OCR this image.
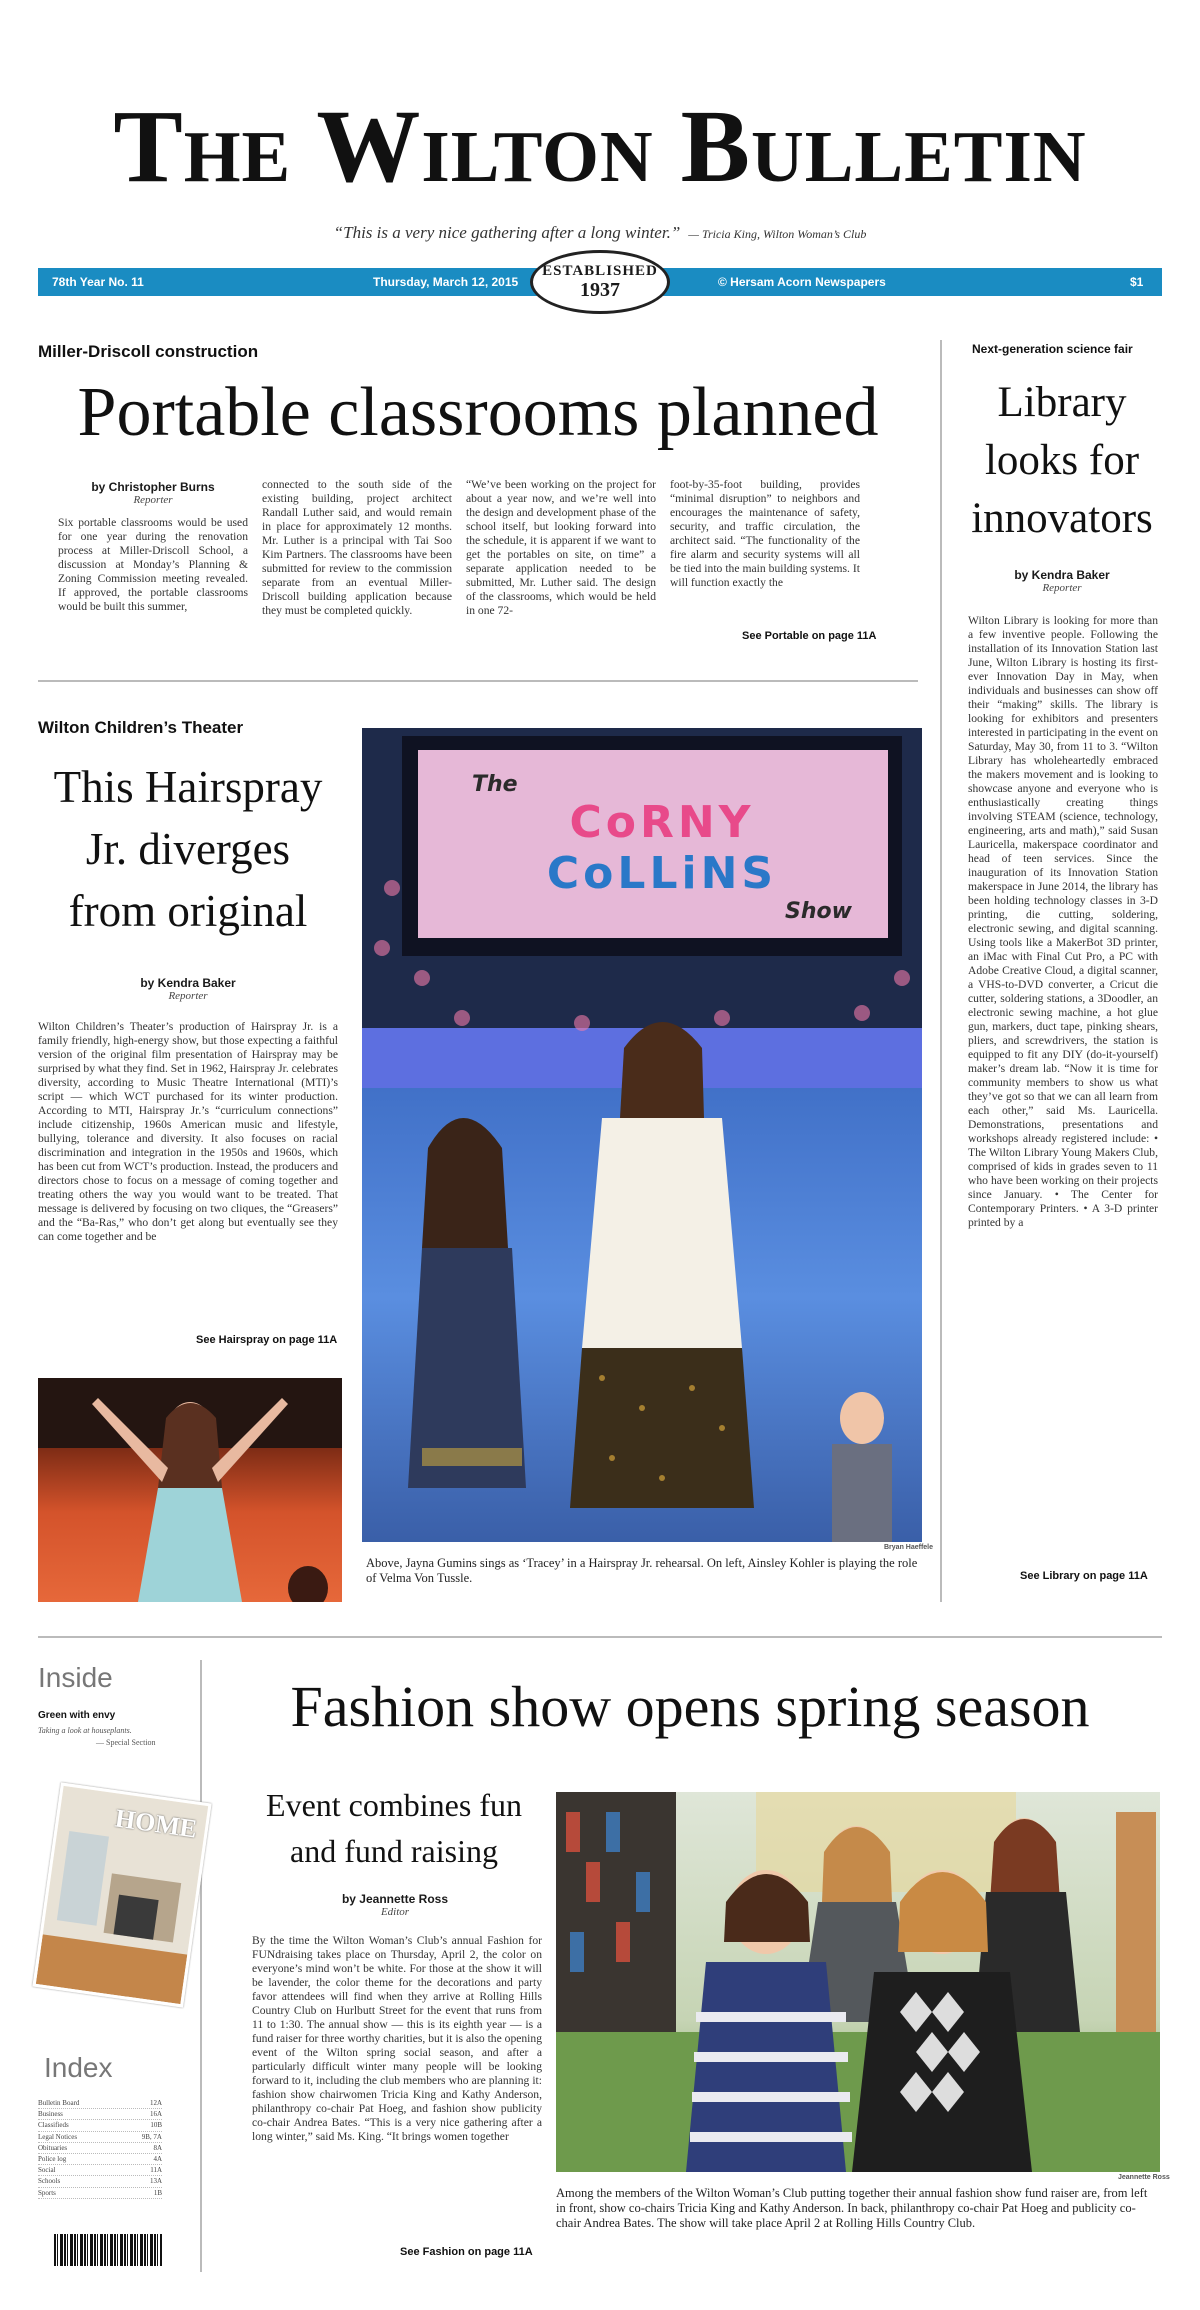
The Wilton Bulletin
“This is a very nice gathering after a long winter.” — Tricia King, Wilton Woman’s Club
78th Year No. 11	Thursday, March 12, 2015	© Hersam Acorn Newspapers	$1
ESTABLISHED
1937
Miller-Driscoll construction
Portable classrooms planned
by Christopher Burns
Reporter
Six portable classrooms would be used for one year during the renovation process at Miller-Driscoll School, a discussion at Monday’s Planning & Zoning Commission meeting revealed. If approved, the portable classrooms would be built this summer,
connected to the south side of the existing building, project architect Randall Luther said, and would remain in place for approximately 12 months. Mr. Luther is a principal with Tai Soo Kim Partners. The classrooms have been submitted for review to the commission separate from an eventual Miller-Driscoll building application because they must be completed quickly.
“We’ve been working on the project for about a year now, and we’re well into the design and development phase of the school itself, but looking forward into the schedule, it is apparent if we want to get the portables on site, on time” a separate application needed to be submitted, Mr. Luther said. The design of the classrooms, which would be held in one 72-
foot-by-35-foot building, provides “minimal disruption” to neighbors and encourages the maintenance of safety, security, and traffic circulation, the architect said. “The functionality of the fire alarm and security systems will all be tied into the main building systems. It will function exactly the
See Portable on page 11A
Next-generation science fair
Library looks for innovators
by Kendra Baker
Reporter
Wilton Library is looking for more than a few inventive people. Following the installation of its Innovation Station last June, Wilton Library is hosting its first-ever Innovation Day in May, when individuals and businesses can show off their “making” skills. The library is looking for exhibitors and presenters interested in participating in the event on Saturday, May 30, from 11 to 3. “Wilton Library has wholeheartedly embraced the makers movement and is looking to showcase anyone and everyone who is enthusiastically creating things involving STEAM (science, technology, engineering, arts and math),” said Susan Lauricella, makerspace coordinator and head of teen services. Since the inauguration of its Innovation Station makerspace in June 2014, the library has been holding technology classes in 3-D printing, die cutting, soldering, electronic sewing, and digital scanning. Using tools like a MakerBot 3D printer, an iMac with Final Cut Pro, a PC with Adobe Creative Cloud, a digital scanner, a VHS-to-DVD converter, a Cricut die cutter, soldering stations, a 3Doodler, an electronic sewing machine, a hot glue gun, markers, duct tape, pinking shears, pliers, and screwdrivers, the station is equipped to fit any DIY (do-it-yourself) maker’s dream lab. “Now it is time for community members to show us what they’ve got so that we can all learn from each other,” said Ms. Lauricella. Demonstrations, presentations and workshops already registered include: • The Wilton Library Young Makers Club, comprised of kids in grades seven to 11 who have been working on their projects since January. • The Center for Contemporary Printers. • A 3-D printer printed by a
See Library on page 11A
Wilton Children’s Theater
This Hairspray Jr. diverges from original
by Kendra Baker
Reporter
Wilton Children’s Theater’s production of Hairspray Jr. is a family friendly, high-energy show, but those expecting a faithful version of the original film presentation of Hairspray may be surprised by what they find. Set in 1962, Hairspray Jr. celebrates diversity, according to Music Theatre International (MTI)’s script — which WCT purchased for its winter production. According to MTI, Hairspray Jr.’s “curriculum connections” include citizenship, 1960s American music and lifestyle, bullying, tolerance and diversity. It also focuses on racial discrimination and integration in the 1950s and 1960s, which has been cut from WCT’s production. Instead, the producers and directors chose to focus on a message of coming together and treating others the way you would want to be treated. That message is delivered by focusing on two cliques, the “Greasers” and the “Ba-Ras,” who don’t get along but eventually see they can come together and be
See Hairspray on page 11A
The
CoRNY
CoLLiNS
Show
Bryan Haeffele
Above, Jayna Gumins sings as ‘Tracey’ in a Hairspray Jr. rehearsal. On left, Ainsley Kohler is playing the role of Velma Von Tussle.
Inside
Green with envy
Taking a look at houseplants.
— Special Section
HOME
Index
Bulletin Board	12A
Business	16A
Classifieds	10B
Legal Notices	9B, 7A
Obituaries	8A
Police log	4A
Social	11A
Schools	13A
Sports	1B
Fashion show opens spring season
Event combines fun and fund raising
by Jeannette Ross
Editor
By the time the Wilton Woman’s Club’s annual Fashion for FUNdraising takes place on Thursday, April 2, the color on everyone’s mind won’t be white. For those at the show it will be lavender, the color theme for the decorations and party favor attendees will find when they arrive at Rolling Hills Country Club on Hurlbutt Street for the event that runs from 11 to 1:30. The annual show — this is its eighth year — is a fund raiser for three worthy charities, but it is also the opening event of the Wilton spring social season, and after a particularly difficult winter many people will be looking forward to it, including the club members who are planning it: fashion show chairwomen Tricia King and Kathy Anderson, philanthropy co-chair Pat Hoeg, and fashion show publicity co-chair Andrea Bates. “This is a very nice gathering after a long winter,” said Ms. King. “It brings women together
See Fashion on page 11A
Jeannette Ross
Among the members of the Wilton Woman’s Club putting together their annual fashion show fund raiser are, from left in front, show co-chairs Tricia King and Kathy Anderson. In back, philanthropy co-chair Pat Hoeg and publicity co-chair Andrea Bates. The show will take place April 2 at Rolling Hills Country Club.
